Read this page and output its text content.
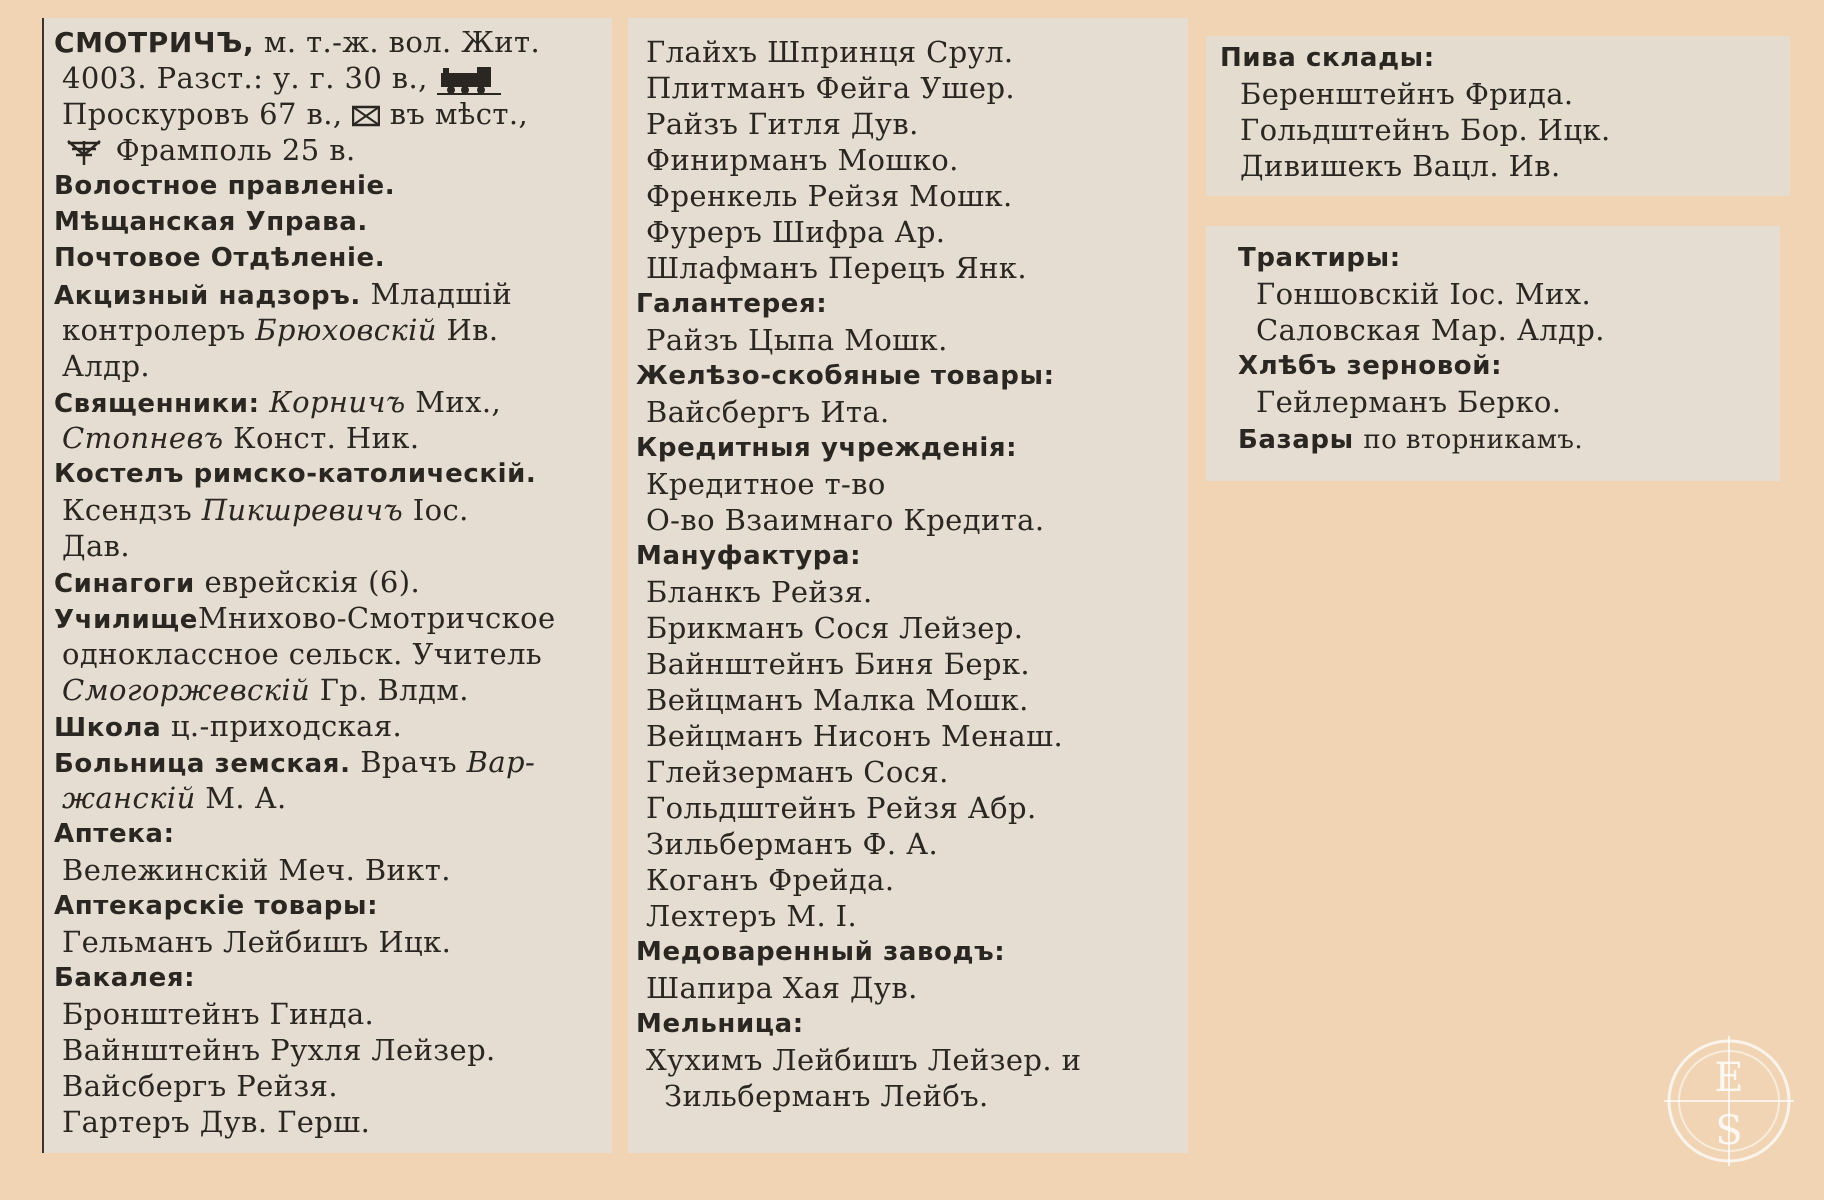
СМОТРИЧЪ, м. т.-ж. вол. Жит.
4003. Разст.: у. г. 30 в.,
Проскуровъ 67 в., въ мѣст.,
Фрамполь 25 в.
Волостное правленіе.
Мѣщанская Управа.
Почтовое Отдѣленіе.
Акцизный надзоръ. Младшій
контролеръ Брюховскій Ив.
Алдр.
Священники: Корничъ Мих.,
Стопневъ Конст. Ник.
Костелъ римско-католическій.
Ксендзъ Пикшревичъ Іос.
Дав.
Синагоги еврейскія (6).
УчилищеМнихово-Смотричское
одноклассное сельск. Учитель
Смогоржевскій Гр. Влдм.
Школа ц.-приходская.
Больница земская. Врачъ Вар-
жанскій М. А.
Аптека:
Вележинскій Меч. Викт.
Аптекарскіе товары:
Гельманъ Лейбишъ Ицк.
Бакалея:
Бронштейнъ Гинда.
Вайнштейнъ Рухля Лейзер.
Вайсбергъ Рейзя.
Гартеръ Дув. Герш.
Глайхъ Шпринця Срул.
Плитманъ Фейга Ушер.
Райзъ Гитля Дув.
Финирманъ Мошко.
Френкель Рейзя Мошк.
Фурeръ Шифра Ар.
Шлафманъ Перецъ Янк.
Галантерея:
Райзъ Цыпа Мошк.
Желѣзо-скобяные товары:
Вайсбергъ Ита.
Кредитныя учрежденія:
Кредитное т-во
О-во Взаимнаго Кредита.
Мануфактура:
Бланкъ Рейзя.
Брикманъ Сося Лейзер.
Вайнштейнъ Биня Берк.
Вейцманъ Малка Мошк.
Вейцманъ Нисонъ Менаш.
Глейзерманъ Сося.
Гольдштейнъ Рейзя Абр.
Зильберманъ Ф. А.
Коганъ Фрейда.
Лехтеръ М. І.
Медоваренный заводъ:
Шапира Хая Дув.
Мельница:
Хухимъ Лейбишъ Лейзер. и
Зильберманъ Лейбъ.
Пива склады:
Беренштейнъ Фрида.
Гольдштейнъ Бор. Ицк.
Дивишекъ Вацл. Ив.
Трактиры:
Гоншовскій Іос. Мих.
Саловская Мар. Алдр.
Хлѣбъ зерновой:
Гейлерманъ Берко.
Базары по вторникамъ.
E
S
